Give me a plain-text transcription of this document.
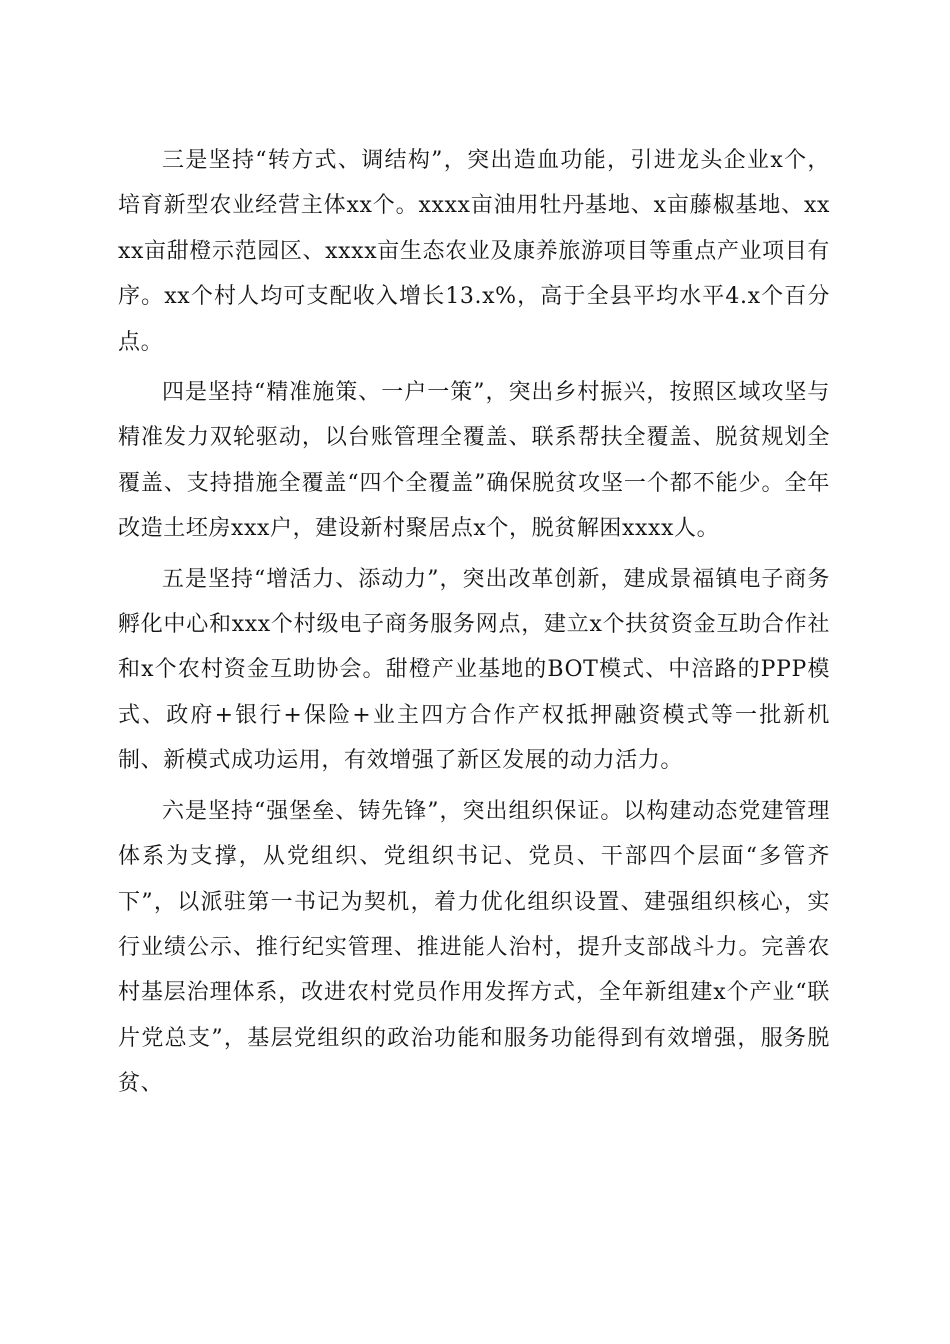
三是坚持“转方式、调结构”，突出造血功能，引进龙头企业x个，培育新型农业经营主体xx个。xxxx亩油用牡丹基地、x亩藤椒基地、xxxx亩甜橙示范园区、xxxx亩生态农业及康养旅游项目等重点产业项目有序。xx个村人均可支配收入增长13.x%，高于全县平均水平4.x个百分点。

四是坚持“精准施策、一户一策”，突出乡村振兴，按照区域攻坚与精准发力双轮驱动，以台账管理全覆盖、联系帮扶全覆盖、脱贫规划全覆盖、支持措施全覆盖“四个全覆盖”确保脱贫攻坚一个都不能少。全年改造土坯房xxx户，建设新村聚居点x个，脱贫解困xxxx人。

五是坚持“增活力、添动力”，突出改革创新，建成景福镇电子商务孵化中心和xxx个村级电子商务服务网点，建立x个扶贫资金互助合作社和x个农村资金互助协会。甜橙产业基地的BOT模式、中涪路的PPP模式、政府+银行+保险+业主四方合作产权抵押融资模式等一批新机制、新模式成功运用，有效增强了新区发展的动力活力。

六是坚持“强堡垒、铸先锋”，突出组织保证。以构建动态党建管理体系为支撑，从党组织、党组织书记、党员、干部四个层面“多管齐下”，以派驻第一书记为契机，着力优化组织设置、建强组织核心，实行业绩公示、推行纪实管理、推进能人治村，提升支部战斗力。完善农村基层治理体系，改进农村党员作用发挥方式，全年新组建x个产业“联片党总支”，基层党组织的政治功能和服务功能得到有效增强，服务脱贫、
